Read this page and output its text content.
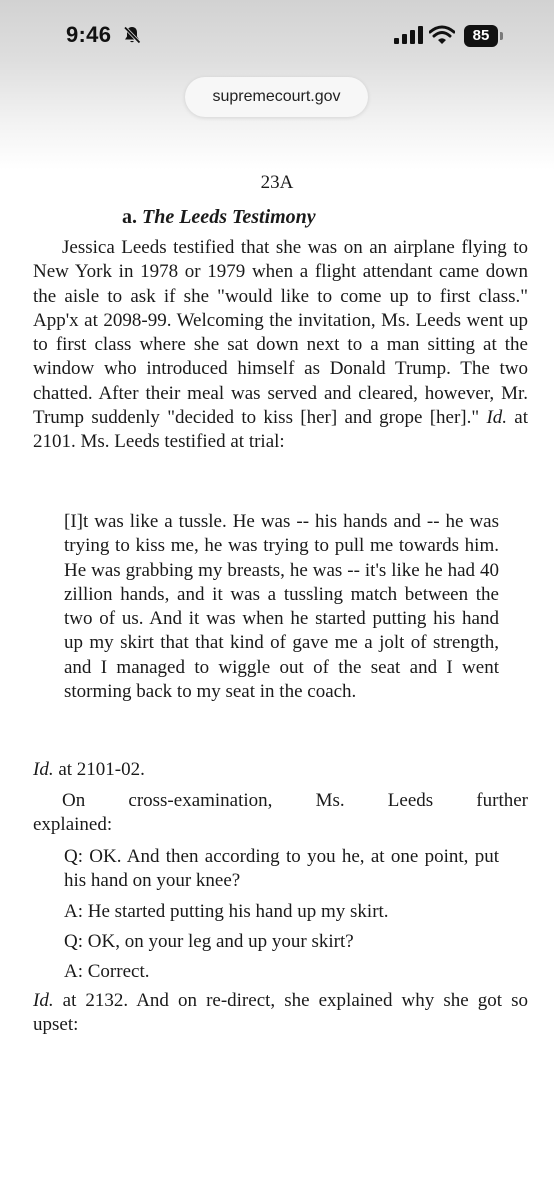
9:46	85
supremecourt.gov
23A
a. The Leeds Testimony

Jessica Leeds testified that she was on an airplane flying to New York in 1978 or 1979 when a flight attendant came down the aisle to ask if she "would like to come up to first class." App'x at 2098-99. Welcoming the invitation, Ms. Leeds went up to first class where she sat down next to a man sitting at the window who introduced himself as Donald Trump. The two chatted. After their meal was served and cleared, however, Mr. Trump suddenly "decided to kiss [her] and grope [her]." Id. at 2101. Ms. Leeds testified at trial:

[I]t was like a tussle. He was -- his hands and -- he was trying to kiss me, he was trying to pull me towards him. He was grabbing my breasts, he was -- it's like he had 40 zillion hands, and it was a tussling match between the two of us. And it was when he started putting his hand up my skirt that that kind of gave me a jolt of strength, and I managed to wiggle out of the seat and I went storming back to my seat in the coach.

Id. at 2101-02.

On cross-examination, Ms. Leeds further
explained:

Q: OK. And then according to you he, at one point, put his hand on your knee?

A: He started putting his hand up my skirt.

Q: OK, on your leg and up your skirt?

A: Correct.

Id. at 2132. And on re-direct, she explained why she got so upset:
